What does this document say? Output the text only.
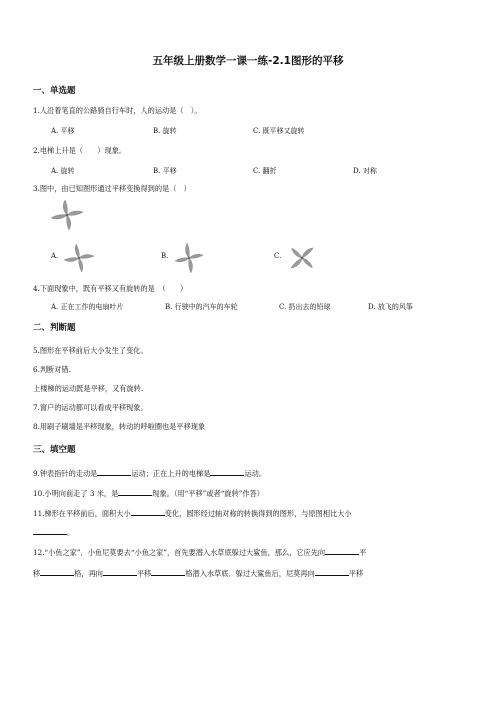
五年级上册数学一课一练-2.1图形的平移
一、单选题
1.人沿着笔直的公路骑自行车时，人的运动是（　）。
A. 平移	B. 旋转	C. 既平移又旋转
2.电梯上升是（　　）现象。
A. 旋转	B. 平移	C. 翻折	D. 对称
3.图中，由已知图形通过平移变换得到的是（　）
A.	B.	C.
4.下面现象中，既有平移又有旋转的是　（　　）
A. 正在工作的电扇叶片	B. 行驶中的汽车的车轮	C. 扔出去的铅球	D. 放飞的风筝
二、判断题
5.图形在平移前后大小发生了变化。
6.判断对错.
上楼梯的运动既是平移，又有旋转.
7.窗户的运动都可以看成平移现象。
8.用刷子刷墙是平移现象，转动的呼啦圈也是平移现象
三、填空题
9.钟表指针的走动是	运动；正在上升的电梯是	运动。
10.小明向前走了 3 米，是	现象。（用“平移”或者“旋转”作答）
11.梯形在平移前后，面积大小	变化，圆形经过轴对称的转换得到的图形，与原图相比大小
。
12.“小鱼之家”．小鱼尼莫要去“小鱼之家”，首先要潜入水草底躲过大鲨鱼，那么，它应先向	平
移	格，再向	平移	格潜入水草底．躲过大鲨鱼后，尼莫再向	平移
